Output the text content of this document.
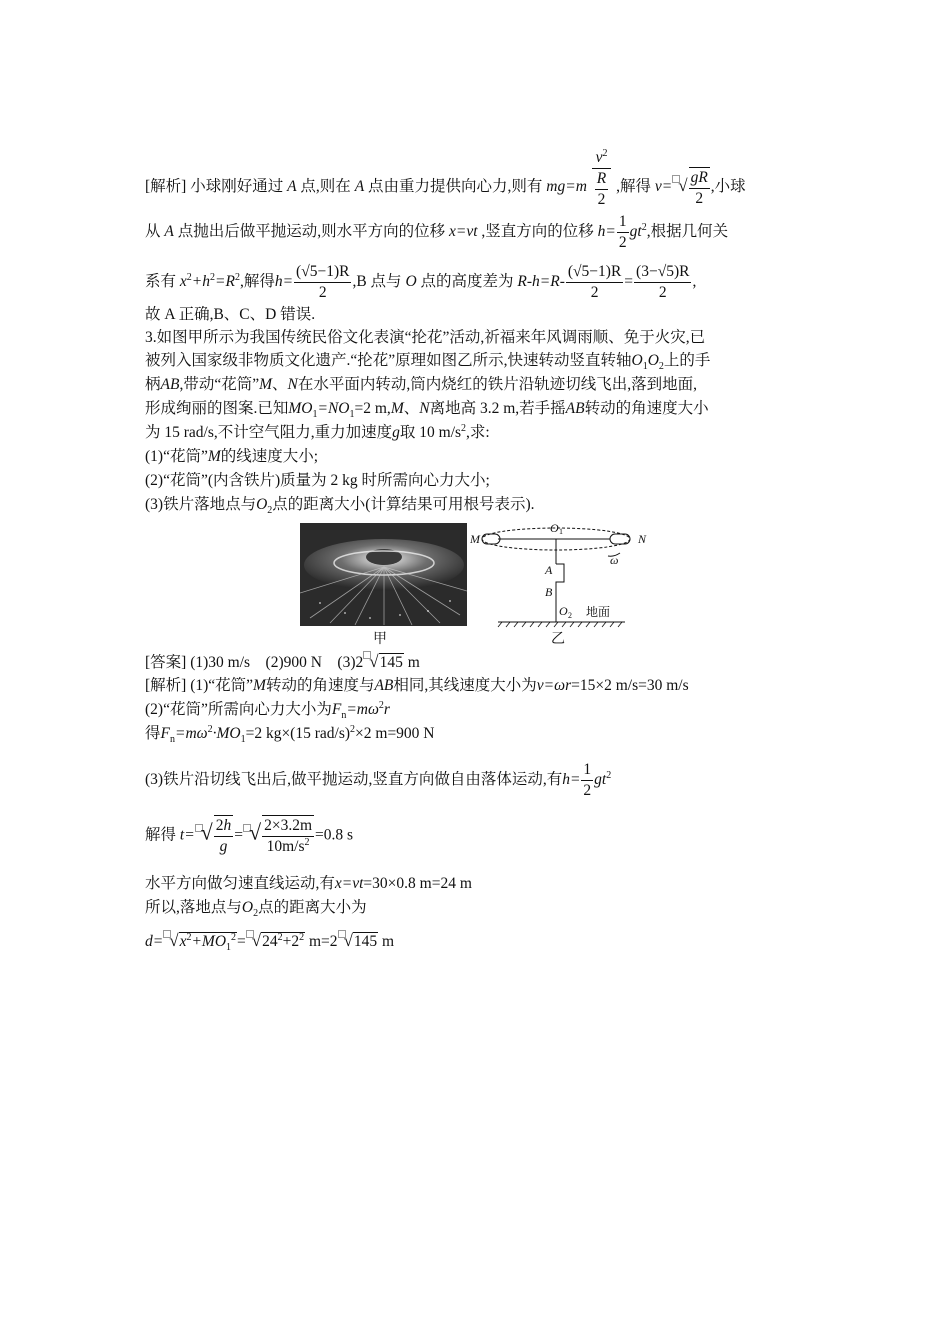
[解析] 小球刚好通过 A 点,则在 A 点由重力提供向心力,则有 $mg=m \frac{v^2}{\frac{R}{2}}$ ,解得 v= √ $\frac{gR}{2}$ ,小球
从 A 点抛出后做平抛运动,则水平方向的位移 x=vt ,竖直方向的位移 $h= \frac{1}{2} gt^2$,根据几何关
系有 $x^2+h^2=R^2$,解得$h= \frac{(√5-1)R}{2} ,B$ 点与 O 点的高度差为 $R-h=R- \frac{(√5-1)R}{2} = \frac{(3-√5)R}{2}$ ,
故 A 正确,B、C、D 错误.
3.如图甲所示为我国传统民俗文化表演“抡花”活动,祈福来年风调雨顺、免于火灾,已
被列入国家级非物质文化遗产.“抡花”原理如图乙所示,快速转动竖直转轴$O_1O_2$上的手
柄AB,带动“花筒”M、N在水平面内转动,筒内烧红的铁片沿轨迹切线飞出,落到地面,
形成绚丽的图案.已知$MO_1=NO_1=2$ m,M、N离地高 3.2 m,若手摇AB转动的角速度大小
为 15 rad/s,不计空气阻力,重力加速度g取 10 $m/s^2$,求:
(1)“花筒”M的线速度大小;
(2)“花筒”(内含铁片)质量为 2 kg 时所需向心力大小;
(3)铁片落地点与$O_2$点的距离大小(计算结果可用根号表示).
甲
M	N
O 1
A
B
O 2
ω
地面
乙
[答案] (1)30 m/s　(2)900 N　(3)2 √145 m
[解析] (1)“花筒”M转动的角速度与AB相同,其线速度大小为v=ωr=15×2 m/s=30 m/s
(2)“花筒”所需向心力大小为$F_n=m\omega^2r$
得$F_n=m\omega^2\cdot MO_1=2$ kg×(15 rad/s)$^2$×2 m=900 N
(3)铁片沿切线飞出后,做平抛运动,竖直方向做自由落体运动,有$h= \frac{1}{2} gt^2$
解得 t= √ $\frac{2h}{g}$ = √ $\frac{2\times 3.2m}{10m/s^2} =0.8$ s
水平方向做匀速直线运动,有x=vt=30×0.8 m=24 m
所以,落地点与$O_2$点的距离大小为
$d= √x^2+MO_1^2= √24^2+2^2$ m=2 √145 m
